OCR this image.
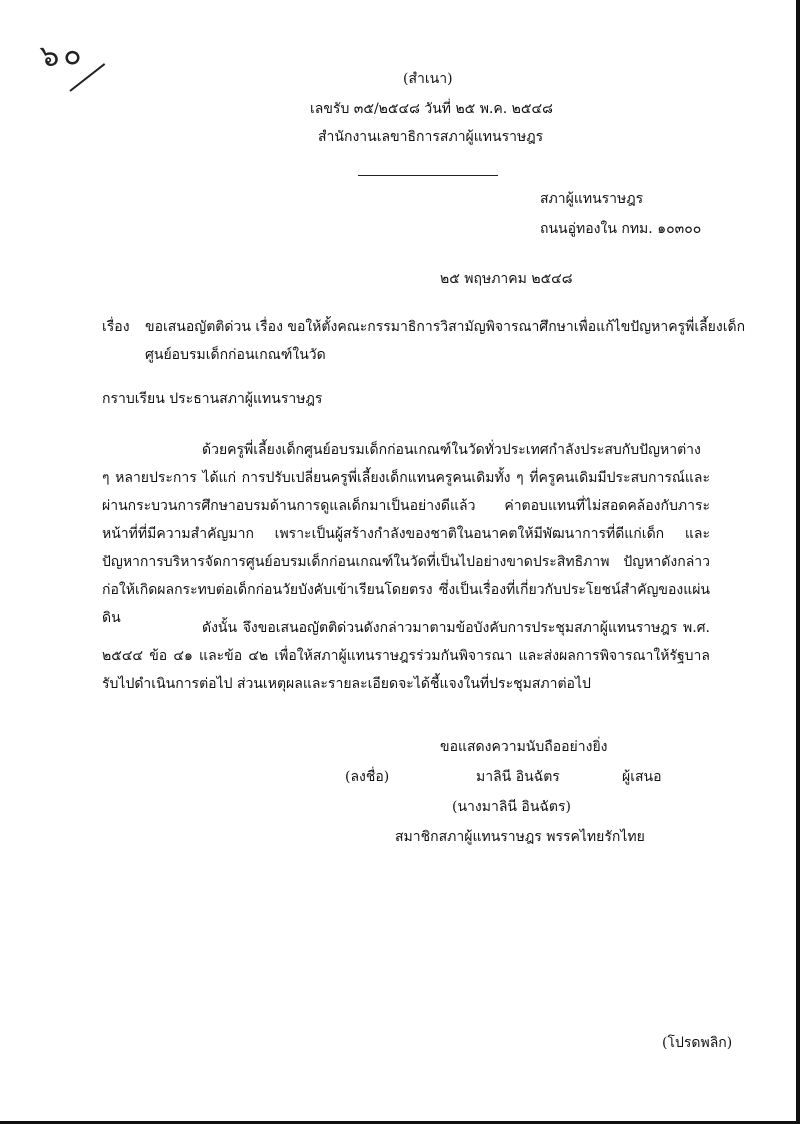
๖๐
(สำเนา)
เลขรับ ๓๕/๒๕๔๘ วันที่ ๒๕ พ.ค. ๒๕๔๘
สำนักงานเลขาธิการสภาผู้แทนราษฎร
สภาผู้แทนราษฎร
ถนนอู่ทองใน กทม. ๑๐๓๐๐
๒๕ พฤษภาคม ๒๕๔๘
เรื่อง ขอเสนอญัตติด่วน เรื่อง ขอให้ตั้งคณะกรรมาธิการวิสามัญพิจารณาศึกษาเพื่อแก้ไขปัญหาครูพี่เลี้ยงเด็ก
ศูนย์อบรมเด็กก่อนเกณฑ์ในวัด
กราบเรียน ประธานสภาผู้แทนราษฎร
ด้วยครูพี่เลี้ยงเด็กศูนย์อบรมเด็กก่อนเกณฑ์ในวัดทั่วประเทศกำลังประสบกับปัญหาต่าง ๆ หลายประการ ได้แก่ การปรับเปลี่ยนครูพี่เลี้ยงเด็กแทนครูคนเดิมทั้ง ๆ ที่ครูคนเดิมมีประสบการณ์และผ่านกระบวนการศึกษาอบรมด้านการดูแลเด็กมาเป็นอย่างดีแล้ว ค่าตอบแทนที่ไม่สอดคล้องกับภาระหน้าที่ที่มีความสำคัญมาก เพราะเป็นผู้สร้างกำลังของชาติในอนาคตให้มีพัฒนาการที่ดีแก่เด็ก และปัญหาการบริหารจัดการศูนย์อบรมเด็กก่อนเกณฑ์ในวัดที่เป็นไปอย่างขาดประสิทธิภาพ ปัญหาดังกล่าวก่อให้เกิดผลกระทบต่อเด็กก่อนวัยบังคับเข้าเรียนโดยตรง ซึ่งเป็นเรื่องที่เกี่ยวกับประโยชน์สำคัญของแผ่นดิน
ดังนั้น จึงขอเสนอญัตติด่วนดังกล่าวมาตามข้อบังคับการประชุมสภาผู้แทนราษฎร พ.ศ. ๒๕๔๔ ข้อ ๔๑ และข้อ ๔๒ เพื่อให้สภาผู้แทนราษฎรร่วมกันพิจารณา และส่งผลการพิจารณาให้รัฐบาลรับไปดำเนินการต่อไป ส่วนเหตุผลและรายละเอียดจะได้ชี้แจงในที่ประชุมสภาต่อไป
ขอแสดงความนับถืออย่างยิ่ง
(ลงชื่อ)	มาลินี อินฉัตร	ผู้เสนอ
(นางมาลินี อินฉัตร)
สมาชิกสภาผู้แทนราษฎร พรรคไทยรักไทย
(โปรดพลิก)
